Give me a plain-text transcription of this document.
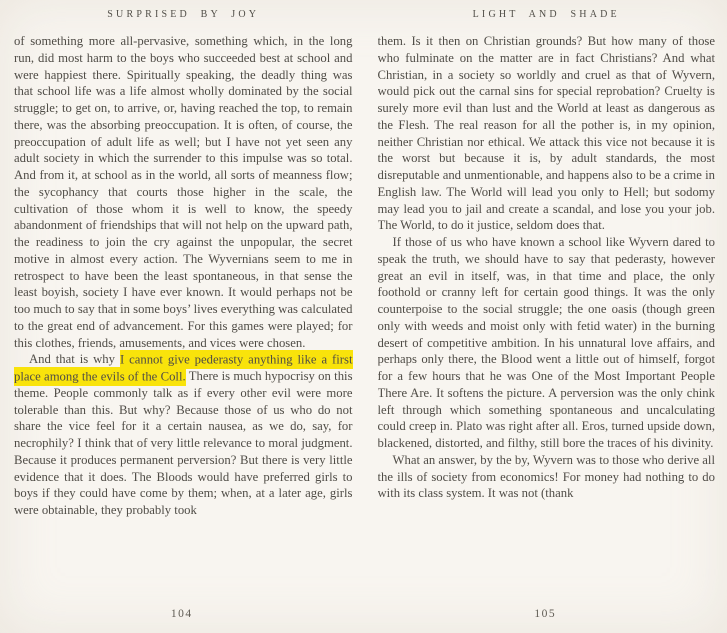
SURPRISED BY JOY

of something more all-pervasive, something which, in the long run, did most harm to the boys who succeeded best at school and were happiest there. Spiritually speaking, the deadly thing was that school life was a life almost wholly dominated by the social struggle; to get on, to arrive, or, having reached the top, to remain there, was the absorbing preoccupation. It is often, of course, the preoccupation of adult life as well; but I have not yet seen any adult society in which the surrender to this impulse was so total. And from it, at school as in the world, all sorts of meanness flow; the sycophancy that courts those higher in the scale, the cultivation of those whom it is well to know, the speedy abandonment of friendships that will not help on the upward path, the readiness to join the cry against the unpopular, the secret motive in almost every action. The Wyvernians seem to me in retrospect to have been the least spontaneous, in that sense the least boyish, society I have ever known. It would perhaps not be too much to say that in some boys’ lives everything was calculated to the great end of advancement. For this games were played; for this clothes, friends, amusements, and vices were chosen.

And that is why I cannot give pederasty anything like a first place among the evils of the Coll. There is much hypocrisy on this theme. People commonly talk as if every other evil were more tolerable than this. But why? Because those of us who do not share the vice feel for it a certain nausea, as we do, say, for necrophily? I think that of very little relevance to moral judgment. Because it produces permanent perversion? But there is very little evidence that it does. The Bloods would have preferred girls to boys if they could have come by them; when, at a later age, girls were obtainable, they probably took

104
LIGHT AND SHADE

them. Is it then on Christian grounds? But how many of those who fulminate on the matter are in fact Christians? And what Christian, in a society so worldly and cruel as that of Wyvern, would pick out the carnal sins for special reprobation? Cruelty is surely more evil than lust and the World at least as dangerous as the Flesh. The real reason for all the pother is, in my opinion, neither Christian nor ethical. We attack this vice not because it is the worst but because it is, by adult standards, the most disreputable and unmentionable, and happens also to be a crime in English law. The World will lead you only to Hell; but sodomy may lead you to jail and create a scandal, and lose you your job. The World, to do it justice, seldom does that.

If those of us who have known a school like Wyvern dared to speak the truth, we should have to say that pederasty, however great an evil in itself, was, in that time and place, the only foothold or cranny left for certain good things. It was the only counterpoise to the social struggle; the one oasis (though green only with weeds and moist only with fetid water) in the burning desert of competitive ambition. In his unnatural love affairs, and perhaps only there, the Blood went a little out of himself, forgot for a few hours that he was One of the Most Important People There Are. It softens the picture. A perversion was the only chink left through which something spontaneous and uncalculating could creep in. Plato was right after all. Eros, turned upside down, blackened, distorted, and filthy, still bore the traces of his divinity.

What an answer, by the by, Wyvern was to those who derive all the ills of society from economics! For money had nothing to do with its class system. It was not (thank

105
